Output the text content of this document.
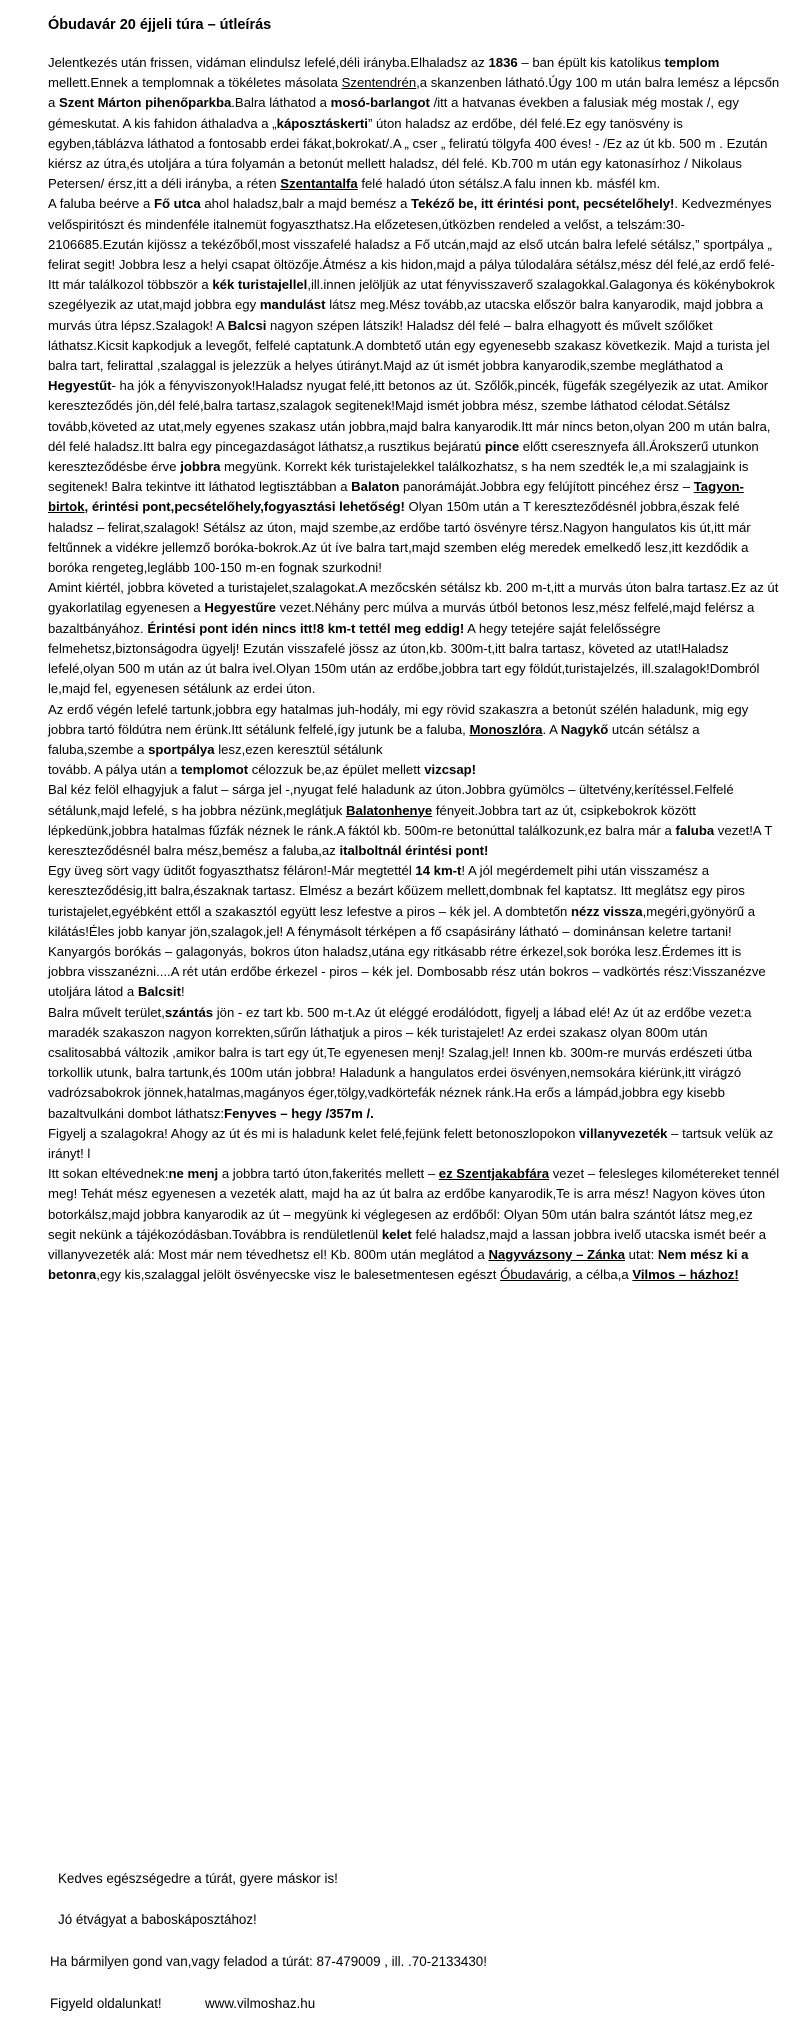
Óbudavár 20 éjjeli túra – útleírás

Jelentkezés után frissen, vidáman elindulsz lefelé,déli irányba.Elhaladsz az 1836 – ban épült kis katolikus templom mellett.Ennek a templomnak a tökéletes másolata Szentendrén,a skanzenben látható.Úgy 100 m után balra lemész a lépcsőn a Szent Márton pihenőparkba.Balra láthatod a mosó-barlangot /itt a hatvanas években a falusiak még mostak /, egy gémeskutat. A kis fahidon áthaladva a „káposztáskerti” úton haladsz az erdőbe, dél felé.Ez egy tanösvény is egyben,táblázva láthatod a fontosabb erdei fákat,bokrokat/.A „ cser „ feliratú tölgyfa 400 éves! - /Ez az út kb. 500 m . Ezután kiérsz az útra,és utoljára a túra folyamán a betonút mellett haladsz, dél felé. Kb.700 m után egy katonasírhoz / Nikolaus Petersen/ érsz,itt a déli irányba, a réten Szentantalfa felé haladó úton sétálsz.A falu innen kb. másfél km.

A faluba beérve a Fő utca ahol haladsz,balr a majd bemész a Tekéző be, itt érintési pont, pecsételőhely!. Kedvezményes velőspiritószt és mindenféle italnemüt fogyaszthatsz.Ha előzetesen,útközben rendeled a velőst, a telszám:30-2106685.Ezután kijössz a tekézőből,most visszafelé haladsz a Fő utcán,majd az első utcán balra lefelé sétálsz,” sportpálya „ felirat segit! Jobbra lesz a helyi csapat öltözője.Átmész a kis hidon,majd a pálya túlodalára sétálsz,mész dél felé,az erdő felé- Itt már találkozol többször a kék turistajellel,ill.innen jelöljük az utat fényvisszaverő szalagokkal.Galagonya és kökénybokrok szegélyezik az utat,majd jobbra egy mandulást látsz meg.Mész tovább,az utacska először balra kanyarodik, majd jobbra a murvás útra lépsz.Szalagok! A Balcsi nagyon szépen látszik! Haladsz dél felé – balra elhagyott és művelt szőlőket láthatsz.Kicsit kapkodjuk a levegőt, felfelé captatunk.A dombtető után egy egyenesebb szakasz következik. Majd a turista jel balra tart, felirattal ,szalaggal is jelezzük a helyes útirányt.Majd az út ismét jobbra kanyarodik,szembe megláthatod a Hegyestűt- ha jók a fényviszonyok!Haladsz nyugat felé,itt betonos az út. Szőlők,pincék, fügefák szegélyezik az utat. Amikor kereszteződés jön,dél felé,balra tartasz,szalagok segitenek!Majd ismét jobbra mész, szembe láthatod célodat.Sétálsz tovább,követed az utat,mely egyenes szakasz után jobbra,majd balra kanyarodik.Itt már nincs beton,olyan 200 m után balra, dél felé haladsz.Itt balra egy pincegazdaságot láthatsz,a rusztikus bejáratú pince előtt cseresznyefa áll.Árokszerű utunkon kereszteződésbe érve jobbra megyünk. Korrekt kék turistajelekkel találkozhatsz, s ha nem szedték le,a mi szalagjaink is segitenek! Balra tekintve itt láthatod legtisztábban a Balaton panorámáját.Jobbra egy felújított pincéhez érsz – Tagyon-birtok, érintési pont,pecsételőhely,fogyasztási lehetőség! Olyan 150m után a T kereszteződésnél jobbra,észak felé haladsz – felirat,szalagok! Sétálsz az úton, majd szembe,az erdőbe tartó ösvényre térsz.Nagyon hangulatos kis út,itt már feltűnnek a vidékre jellemző boróka-bokrok.Az út íve balra tart,majd szemben elég meredek emelkedő lesz,itt kezdődik a boróka rengeteg,leglább 100-150 m-en fognak szurkodni!

Amint kiértél, jobbra követed a turistajelet,szalagokat.A mezőcskén sétálsz kb. 200 m-t,itt a murvás úton balra tartasz.Ez az út gyakorlatilag egyenesen a Hegyestűre vezet.Néhány perc múlva a murvás útból betonos lesz,mész felfelé,majd felérsz a bazaltbányához. Érintési pont idén nincs itt!8 km-t tettél meg eddig! A hegy tetejére saját felelősségre felmehetsz,biztonságodra ügyelj! Ezután visszafelé jössz az úton,kb. 300m-t,itt balra tartasz, követed az utat!Haladsz lefelé,olyan 500 m után az út balra ivel.Olyan 150m után az erdőbe,jobbra tart egy földút,turistajelzés, ill.szalagok!Dombról le,majd fel, egyenesen sétálunk az erdei úton.

Az erdő végén lefelé tartunk,jobbra egy hatalmas juh-hodály, mi egy rövid szakaszra a betonút szélén haladunk, mig egy jobbra tartó földútra nem érünk.Itt sétálunk felfelé,így jutunk be a faluba, Monoszlóra. A Nagykő utcán sétálsz a faluba,szembe a sportpálya lesz,ezen keresztül sétálunk

tovább. A pálya után a templomot célozzuk be,az épület mellett vizcsap!

Bal kéz felöl elhagyjuk a falut – sárga jel -,nyugat felé haladunk az úton.Jobbra gyümölcs – ültetvény,kerítéssel.Felfelé sétálunk,majd lefelé, s ha jobbra nézünk,meglátjuk Balatonhenye fényeit.Jobbra tart az út, csipkebokrok között lépkedünk,jobbra hatalmas fűzfák néznek le ránk.A fáktól kb. 500m-re betonúttal találkozunk,ez balra már a faluba vezet!A T kereszteződésnél balra mész,bemész a faluba,az italboltnál érintési pont!

Egy üveg sört vagy üditőt fogyaszthatsz féláron!-Már megtettél 14 km-t! A jól megérdemelt pihi után visszamész a kereszteződésig,itt balra,északnak tartasz. Elmész a bezárt kőüzem mellett,dombnak fel kaptatsz. Itt meglátsz egy piros turistajelet,egyébként ettől a szakasztól együtt lesz lefestve a piros – kék jel. A dombtetőn nézz vissza,megéri,gyönyörű a kilátás!Éles jobb kanyar jön,szalagok,jel! A fénymásolt térképen a fő csapásirány látható – dominánsan keletre tartani! Kanyargós borókás – galagonyás, bokros úton haladsz,utána egy ritkásabb rétre érkezel,sok boróka lesz.Érdemes itt is jobbra visszanézni....A rét után erdőbe érkezel - piros – kék jel. Dombosabb rész után bokros – vadkörtés rész:Visszanézve utoljára látod a Balcsit!

Balra művelt terület,szántás jön - ez tart kb. 500 m-t.Az út eléggé erodálódott, figyelj a lábad elé! Az út az erdőbe vezet:a maradék szakaszon nagyon korrekten,sűrűn láthatjuk a piros – kék turistajelet! Az erdei szakasz olyan 800m után csalitosabbá változik ,amikor balra is tart egy út,Te egyenesen menj! Szalag,jel! Innen kb. 300m-re murvás erdészeti útba torkollik utunk, balra tartunk,és 100m után jobbra! Haladunk a hangulatos erdei ösvényen,nemsokára kiérünk,itt virágzó vadrózsabokrok jönnek,hatalmas,magányos éger,tölgy,vadkörtefák néznek ránk.Ha erős a lámpád,jobbra egy kisebb bazaltvulkáni dombot láthatsz:Fenyves – hegy /357m /.

Figyelj a szalagokra! Ahogy az út és mi is haladunk kelet felé,fejünk felett betonoszlopokon villanyvezeték – tartsuk velük az irányt! l

Itt sokan eltévednek:ne menj a jobbra tartó úton,fakerités mellett – ez Szentjakabfára vezet – felesleges kilométereket tennél meg! Tehát mész egyenesen a vezeték alatt, majd ha az út balra az erdőbe kanyarodik,Te is arra mész! Nagyon köves úton botorkálsz,majd jobbra kanyarodik az út – megyünk ki véglegesen az erdőből: Olyan 50m után balra szántót látsz meg,ez segit nekünk a tájékozódásban.Továbbra is rendületlenül kelet felé haladsz,majd a lassan jobbra ivelő utacska ismét beér a villanyvezeték alá: Most már nem tévedhetsz el! Kb. 800m után meglátod a Nagyvázsony – Zánka utat: Nem mész ki a betonra,egy kis,szalaggal jelölt ösvényecske visz le balesetmentesen egészt Óbudavárig, a célba,a Vilmos – házhoz!

Kedves egészségedre a túrát, gyere máskor is!
Jó étvágyat a baboskáposztához!
Ha bármilyen gond van,vagy feladod a túrát: 87-479009 , ill. .70-2133430!
Figyeld oldalunkat!	www.vilmoshaz.hu
